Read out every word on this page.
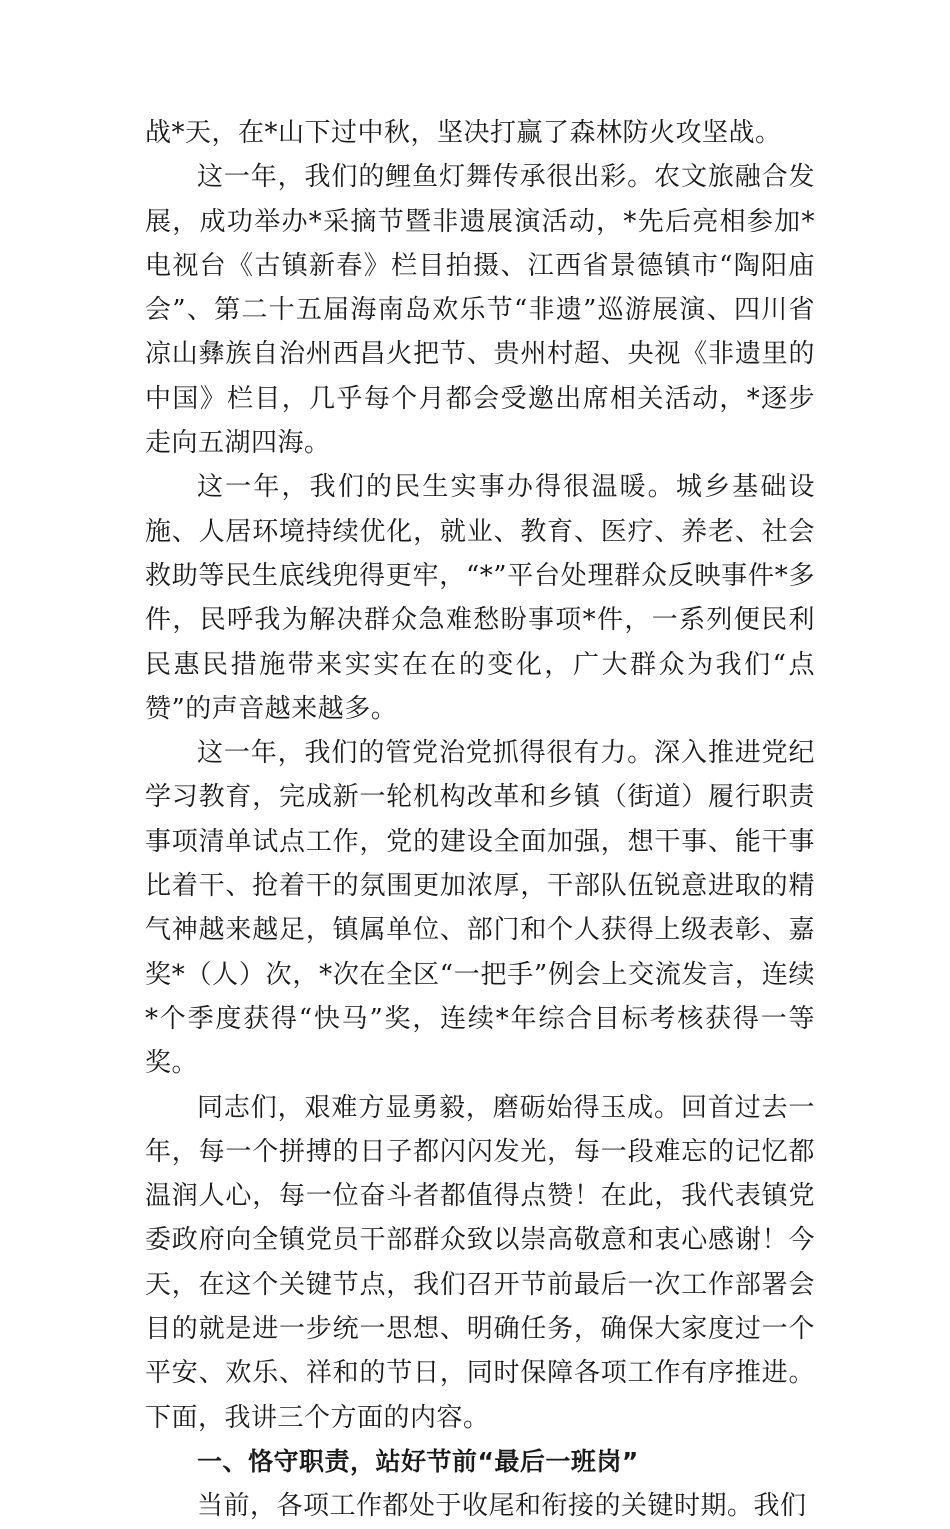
战*天，在*山下过中秋，坚决打赢了森林防火攻坚战。

这一年，我们的鲤鱼灯舞传承很出彩。农文旅融合发展，成功举办*采摘节暨非遗展演活动，*先后亮相参加*电视台《古镇新春》栏目拍摄、江西省景德镇市“陶阳庙会”、第二十五届海南岛欢乐节“非遗”巡游展演、四川省凉山彝族自治州西昌火把节、贵州村超、央视《非遗里的中国》栏目，几乎每个月都会受邀出席相关活动，*逐步走向五湖四海。

这一年，我们的民生实事办得很温暖。城乡基础设施、人居环境持续优化，就业、教育、医疗、养老、社会救助等民生底线兜得更牢，“*”平台处理群众反映事件*多件，民呼我为解决群众急难愁盼事项*件，一系列便民利民惠民措施带来实实在在的变化，广大群众为我们“点赞”的声音越来越多。

这一年，我们的管党治党抓得很有力。深入推进党纪学习教育，完成新一轮机构改革和乡镇（街道）履行职责事项清单试点工作，党的建设全面加强，想干事、能干事比着干、抢着干的氛围更加浓厚，干部队伍锐意进取的精气神越来越足，镇属单位、部门和个人获得上级表彰、嘉奖*（人）次，*次在全区“一把手”例会上交流发言，连续*个季度获得“快马”奖，连续*年综合目标考核获得一等奖。

同志们，艰难方显勇毅，磨砺始得玉成。回首过去一年，每一个拼搏的日子都闪闪发光，每一段难忘的记忆都温润人心，每一位奋斗者都值得点赞！在此，我代表镇党委政府向全镇党员干部群众致以崇高敬意和衷心感谢！今天，在这个关键节点，我们召开节前最后一次工作部署会目的就是进一步统一思想、明确任务，确保大家度过一个平安、欢乐、祥和的节日，同时保障各项工作有序推进。下面，我讲三个方面的内容。

一、恪守职责，站好节前“最后一班岗”

当前，各项工作都处于收尾和衔接的关键时期。我们
